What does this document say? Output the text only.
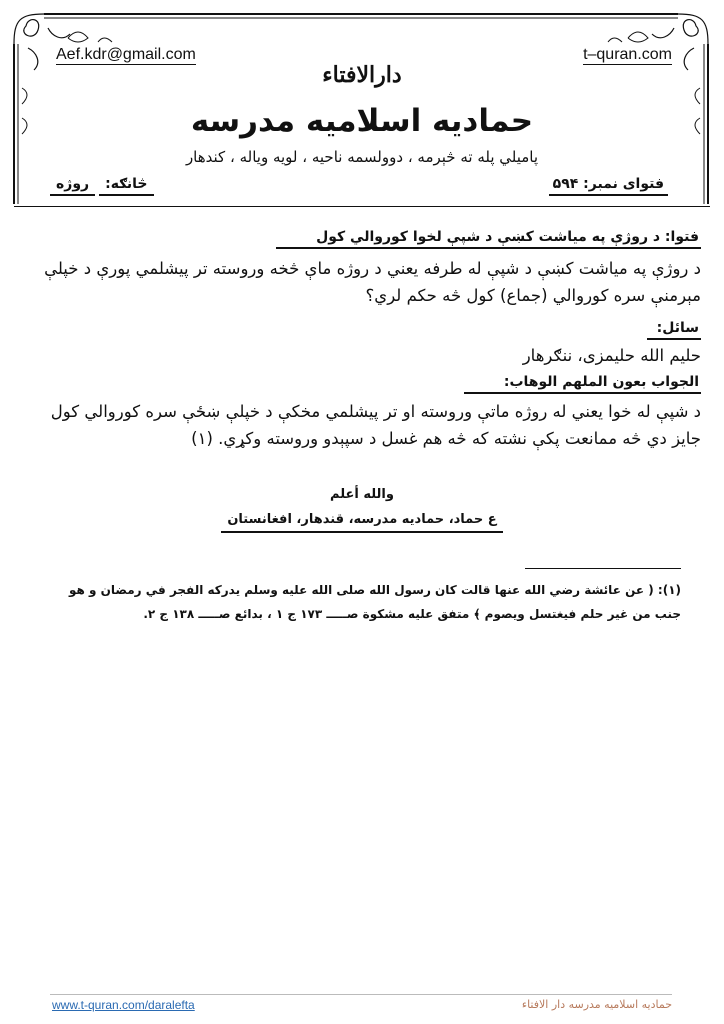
Aef.kdr@gmail.com	t–quran.com
دارالافتاء
حمادیه اسلامیه مدرسه
پامیلي پله ته څېرمه ، دوولسمه ناحیه ، لویه ویاله ، کندهار
فتوای نمبر: ۵۹۴
څانګه:روژه
فتوا: د روژې په میاشت کښې د شپې لخوا کوروالي کول
د روژې په میاشت کښې د شپې له طرفه یعني د روژه ماې څخه وروسته تر پیشلمي پورې د خپلې مېرمنې سره کوروالي (جماع) کول څه حکم لري؟
سائل:
حلیم الله حلیمزی، ننګرهار
الجواب بعون الملهم الوهاب:
د شپې له خوا یعني له روژه ماتې وروسته او تر پیشلمي مخکې د خپلې ښځې سره کوروالي کول جایز دي څه ممانعت پکې نشته که څه هم غسل د سپېدو وروسته وکړي. (۱)
والله أعلم
ع حماد، حمادیه مدرسه، قندهار، افغانستان
(۱): ( عن عائشة رضي الله عنها قالت كان رسول الله صلى الله عليه وسلم يدركه الفجر في رمضان و هو جنب من غير حلم فيغتسل ويصوم ﴾ متفق عليه مشكوة صـــــ ۱۷۳ ج ۱ ، بدائع صـــــ ۱۳۸ ج ۲.
www.t-quran.com/daralefta	حمادیه اسلامیه مدرسه دار الافتاء
